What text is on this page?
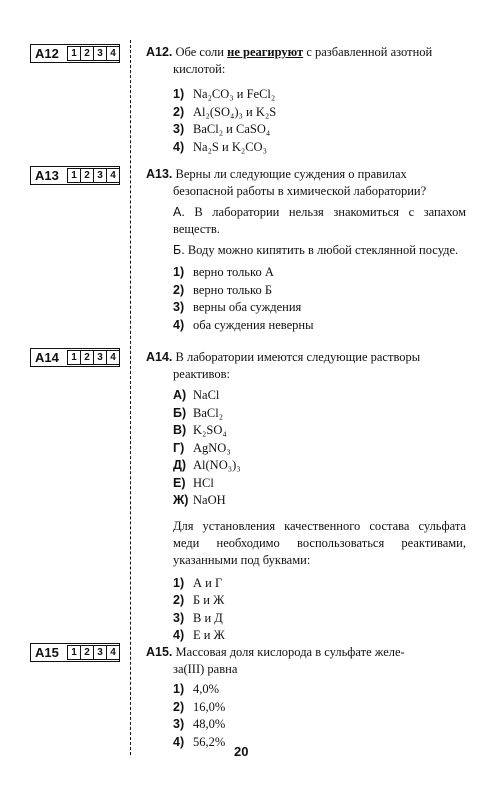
A12	1 2 3 4
A13	1 2 3 4
A14	1 2 3 4
A15	1 2 3 4

A12. Обе соли не реагируют с разбавленной азотной
кислотой:

1) Na₂CO₃ и FeCl₂
2) Al₂(SO₄)₃ и K₂S
3) BaCl₂ и CaSO₄
4) Na₂S и K₂CO₃

A13. Верны ли следующие суждения о правилах
безопасной работы в химической лаборатории?

А. В лаборатории нельзя знакомиться с запахом веществ.
Б. Воду можно кипятить в любой стеклянной посуде.
1) верно только А
2) верно только Б
3) верны оба суждения
4) оба суждения неверны

A14. В лаборатории имеются следующие растворы
реактивов:

А) NaCl
Б) BaCl₂
В) K₂SO₄
Г) AgNO₃
Д) Al(NO₃)₃
Е) HCl
Ж) NaOH
Для установления качественного состава сульфата меди необходимо воспользоваться реактивами, указанными под буквами:
1) А и Г
2) Б и Ж
3) В и Д
4) Е и Ж

A15. Массовая доля кислорода в сульфате желе-
за(III) равна

1) 4,0%
2) 16,0%
3) 48,0%
4) 56,2%
20
